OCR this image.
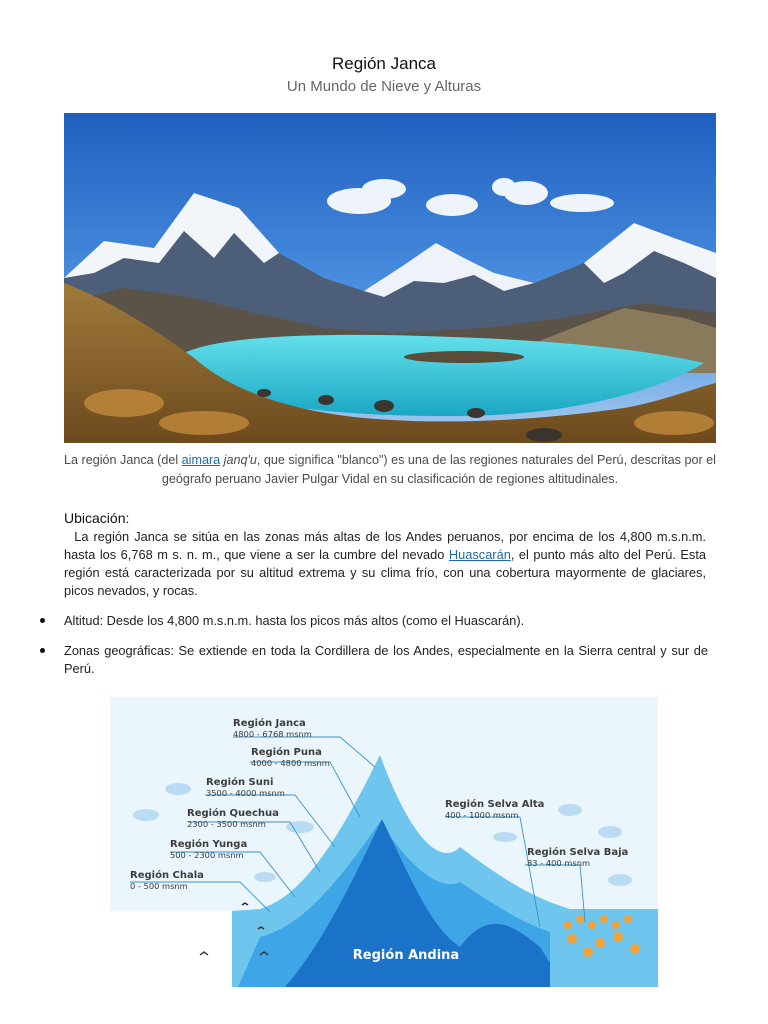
Región Janca
Un Mundo de Nieve y Alturas
La región Janca (del aimara janq'u, que significa "blanco") es una de las regiones naturales del Perú, descritas por el geógrafo peruano Javier Pulgar Vidal en su clasificación de regiones altitudinales.
Ubicación:
La región Janca se sitúa en las zonas más altas de los Andes peruanos, por encima de los 4,800 m.s.n.m. hasta los 6,768 m s. n. m., que viene a ser la cumbre del nevado Huascarán, el punto más alto del Perú. Esta región está caracterizada por su altitud extrema y su clima frío, con una cobertura mayormente de glaciares, picos nevados, y rocas.
Altitud: Desde los 4,800 m.s.n.m. hasta los picos más altos (como el Huascarán).
Zonas geográficas: Se extiende en toda la Cordillera de los Andes, especialmente en la Sierra central y sur de Perú.
Región Janca
4800 - 6768 msnm
Región Puna
4000 - 4800 msnm
Región Suni
3500 - 4000 msnm
Región Quechua
2300 - 3500 msnm
Región Yunga
500 - 2300 msnm
Región Chala
0 - 500 msnm
Región Selva Alta
400 - 1000 msnm
Región Selva Baja
83 - 400 msnm
Región Andina
